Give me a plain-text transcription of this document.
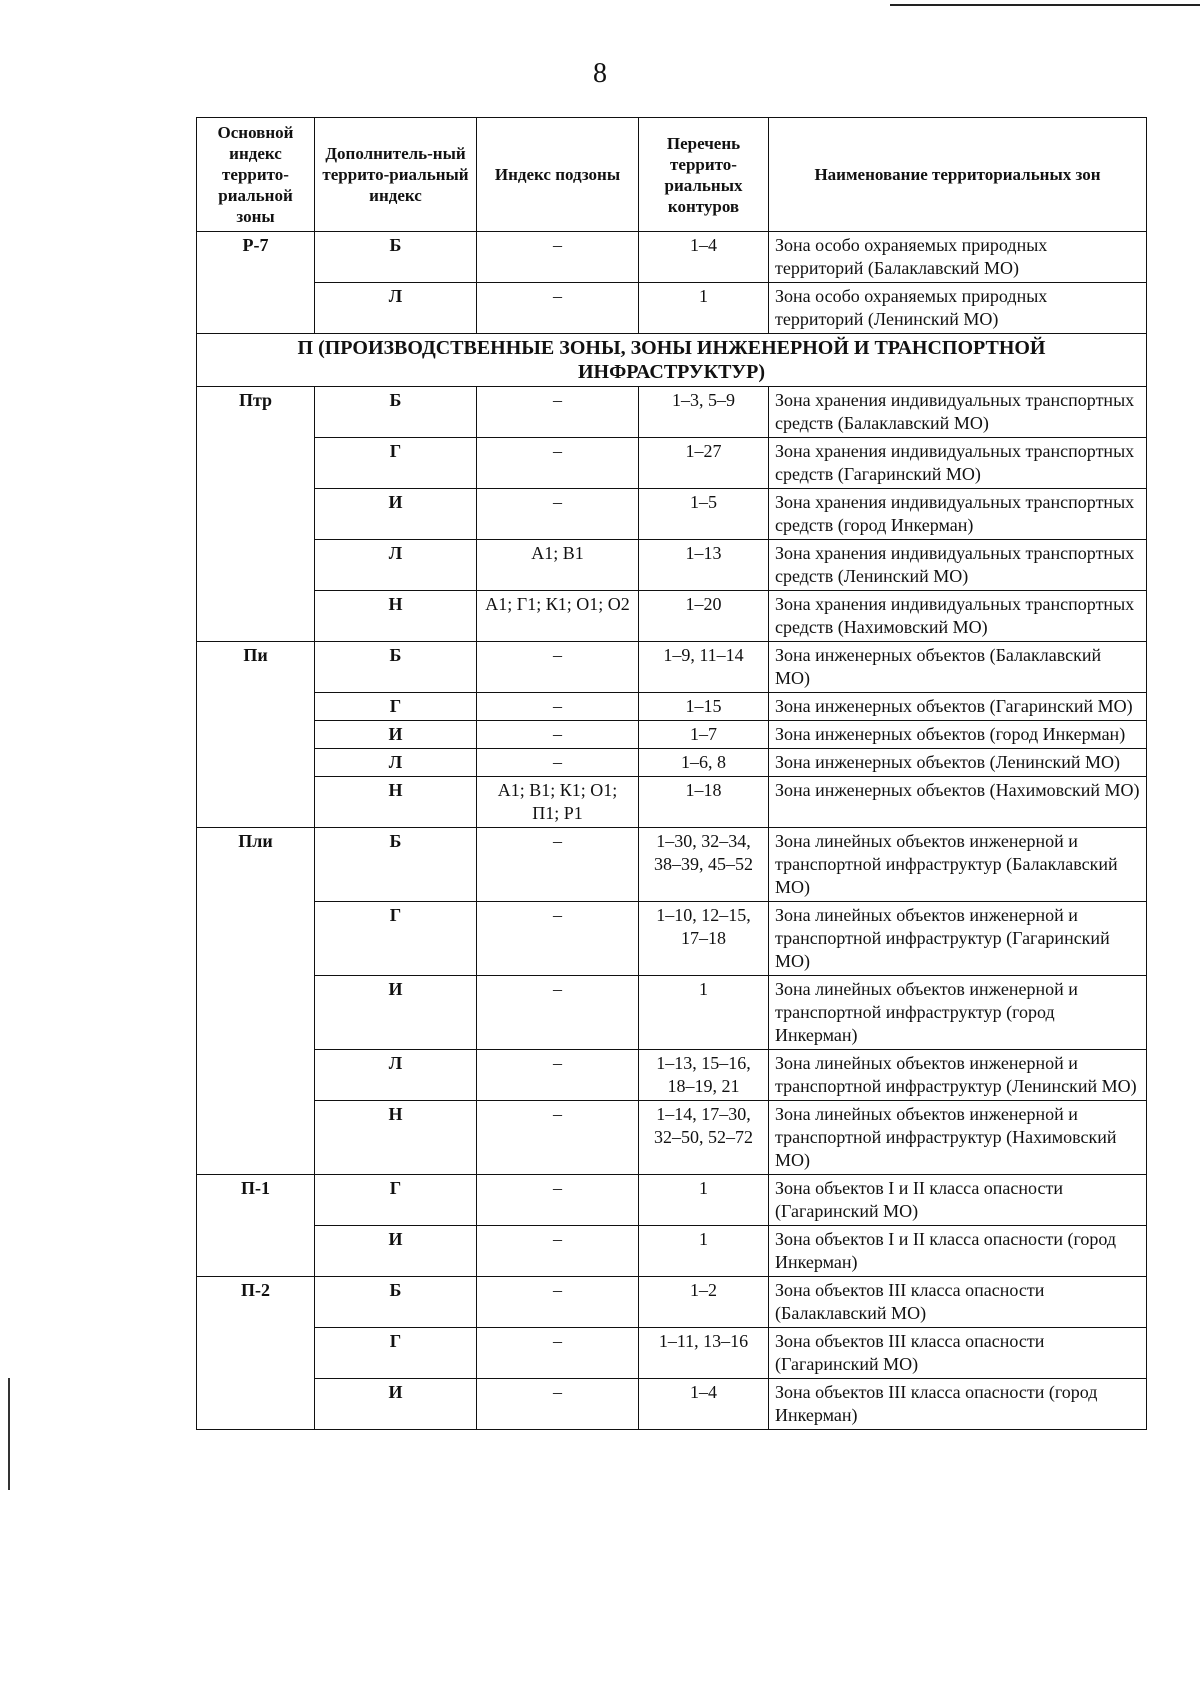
8
Основной индекс террито-риальной зоны	Дополнитель-ный террито-риальный индекс	Индекс подзоны	Перечень террито-риальных контуров	Наименование территориальных зон
Р-7	Б	–	1–4	Зона особо охраняемых природных территорий (Балаклавский МО)
	Л	–	1	Зона особо охраняемых природных территорий (Ленинский МО)
П (ПРОИЗВОДСТВЕННЫЕ ЗОНЫ, ЗОНЫ ИНЖЕНЕРНОЙ И ТРАНСПОРТНОЙ ИНФРАСТРУКТУР)				
Птр	Б	–	1–3, 5–9	Зона хранения индивидуальных транспортных средств (Балаклавский МО)
	Г	–	1–27	Зона хранения индивидуальных транспортных средств (Гагаринский МО)
	И	–	1–5	Зона хранения индивидуальных транспортных средств (город Инкерман)
	Л	А1; В1	1–13	Зона хранения индивидуальных транспортных средств (Ленинский МО)
	Н	А1; Г1; К1; О1; О2	1–20	Зона хранения индивидуальных транспортных средств (Нахимовский МО)
Пи	Б	–	1–9, 11–14	Зона инженерных объектов (Балаклавский МО)
	Г	–	1–15	Зона инженерных объектов (Гагаринский МО)
	И	–	1–7	Зона инженерных объектов (город Инкерман)
	Л	–	1–6, 8	Зона инженерных объектов (Ленинский МО)
	Н	А1; В1; К1; О1; П1; Р1	1–18	Зона инженерных объектов (Нахимовский МО)
Пли	Б	–	1–30, 32–34, 38–39, 45–52	Зона линейных объектов инженерной и транспортной инфраструктур (Балаклавский МО)
	Г	–	1–10, 12–15, 17–18	Зона линейных объектов инженерной и транспортной инфраструктур (Гагаринский МО)
	И	–	1	Зона линейных объектов инженерной и транспортной инфраструктур (город Инкерман)
	Л	–	1–13, 15–16, 18–19, 21	Зона линейных объектов инженерной и транспортной инфраструктур (Ленинский МО)
	Н	–	1–14, 17–30, 32–50, 52–72	Зона линейных объектов инженерной и транспортной инфраструктур (Нахимовский МО)
П-1	Г	–	1	Зона объектов I и II класса опасности (Гагаринский МО)
	И	–	1	Зона объектов I и II класса опасности (город Инкерман)
П-2	Б	–	1–2	Зона объектов III класса опасности (Балаклавский МО)
	Г	–	1–11, 13–16	Зона объектов III класса опасности (Гагаринский МО)
	И	–	1–4	Зона объектов III класса опасности (город Инкерман)
